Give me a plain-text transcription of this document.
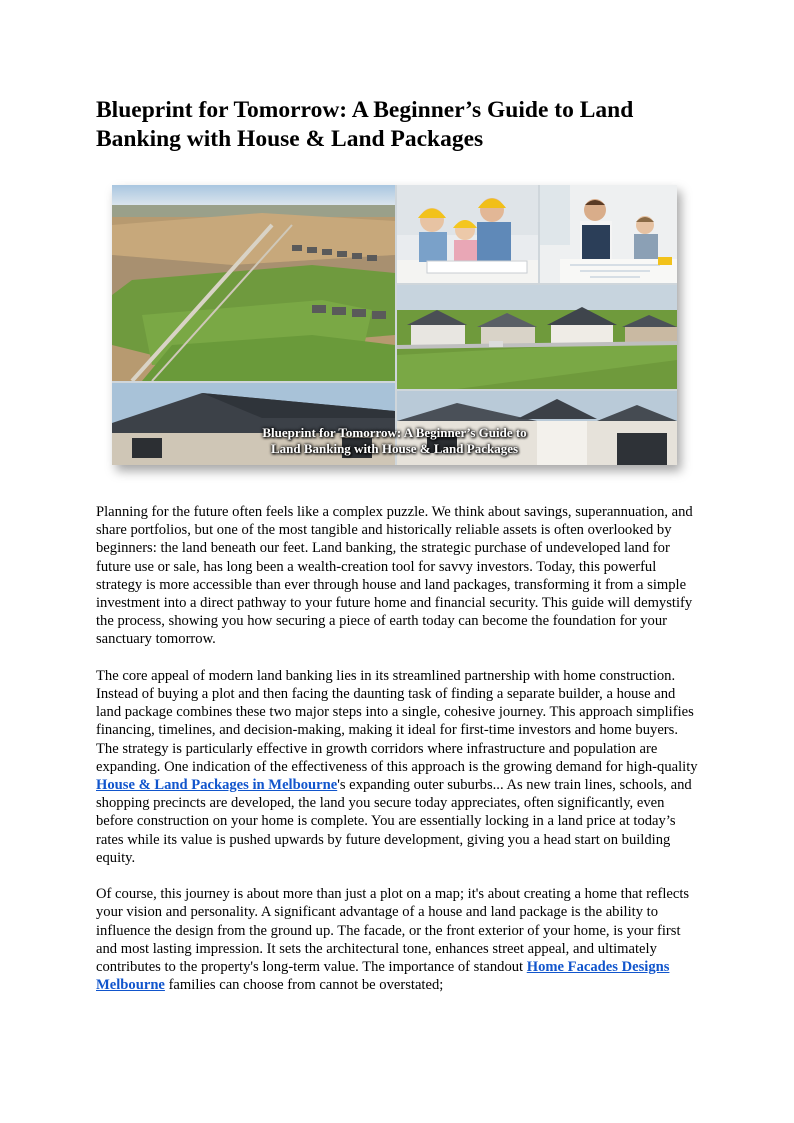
Blueprint for Tomorrow: A Beginner’s Guide to Land Banking with House & Land Packages
Blueprint for Tomorrow: A Beginner’s Guide to
Land Banking with House & Land Packages

Planning for the future often feels like a complex puzzle. We think about savings, superannuation, and share portfolios, but one of the most tangible and historically reliable assets is often overlooked by beginners: the land beneath our feet. Land banking, the strategic purchase of undeveloped land for future use or sale, has long been a wealth-creation tool for savvy investors. Today, this powerful strategy is more accessible than ever through house and land packages, transforming it from a simple investment into a direct pathway to your future home and financial security. This guide will demystify the process, showing you how securing a piece of earth today can become the foundation for your sanctuary tomorrow.

The core appeal of modern land banking lies in its streamlined partnership with home construction. Instead of buying a plot and then facing the daunting task of finding a separate builder, a house and land package combines these two major steps into a single, cohesive journey. This approach simplifies financing, timelines, and decision-making, making it ideal for first-time investors and home buyers. The strategy is particularly effective in growth corridors where infrastructure and population are expanding. One indication of the effectiveness of this approach is the growing demand for high-quality House & Land Packages in Melbourne's expanding outer suburbs... As new train lines, schools, and shopping precincts are developed, the land you secure today appreciates, often significantly, even before construction on your home is complete. You are essentially locking in a land price at today’s rates while its value is pushed upwards by future development, giving you a head start on building equity.

Of course, this journey is about more than just a plot on a map; it's about creating a home that reflects your vision and personality. A significant advantage of a house and land package is the ability to influence the design from the ground up. The facade, or the front exterior of your home, is your first and most lasting impression. It sets the architectural tone, enhances street appeal, and ultimately contributes to the property's long-term value. The importance of standout Home Facades Designs Melbourne families can choose from cannot be overstated;
